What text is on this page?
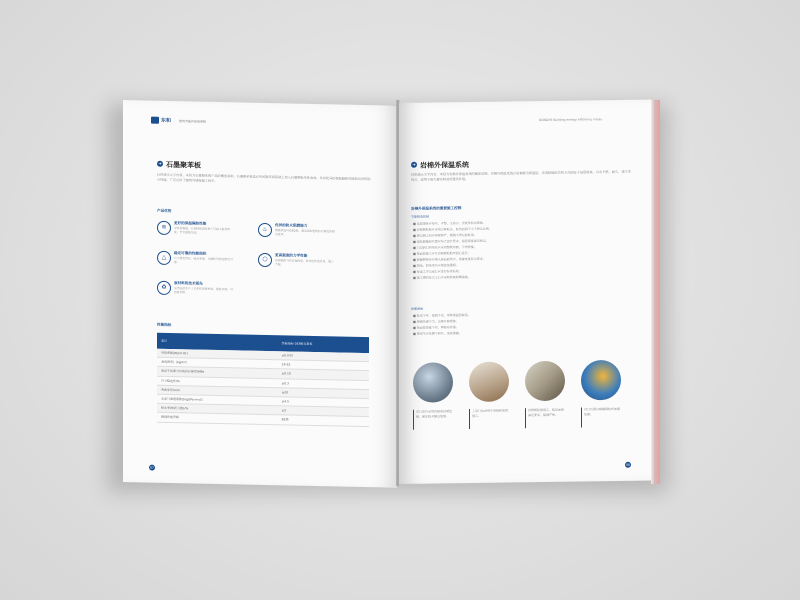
东和	建筑节能外保温系统
➜ 石墨聚苯板
仅供演示文字内容，本段为石墨聚苯板产品的概述说明。石墨聚苯板是在传统聚苯板基础上加入石墨颗粒改性而成，具有优异的保温隔热性能和良好的防火性能，广泛应用于建筑外墙保温工程中。
产品优势
≋
更好的保温隔热性能
导热系数低，在相同保温效果下可减少板材厚度，节省建筑空间。	♨
优异的防火阻燃能力
燃烧性能可达B1级，满足国家建筑防火规范的相关要求。
△
稳定可靠的性能指标
尺寸稳定性好，吸水率低，长期使用性能稳定可靠。	⬡
更高强度的力学性能
压缩强度与抗拉强度高，抗冲击性能优良，施工方便。
♻
原材料的技术领先
采用先进生产工艺和优质原材料，绿色环保，可回收利用。
性能指标
项目	性能指标 033级石墨板
导热系数[W/(m·K)]	≤0.033
表观密度/（kg/m³）	18-22
垂直于板面方向的抗拉强度/MPa	≥0.10
尺寸稳定性/%	≤0.3
弯曲变形/mm	≥20
水蒸气渗透系数/[ng/(Pa·m·s)]	≤4.5
吸水率(体积分数)/%	≤3
燃烧性能等级	B1级
07
DONGHE Building energy efficiency insula
➜ 岩棉外保温系统
仅供演示文字内容，本段为岩棉外保温系统的概述说明。岩棉外保温系统以岩棉板为保温层，采用粘锚结合的方式固定于基层墙体，具有不燃、耐久、透气等优点，适用于防火要求较高的建筑外墙。
岩棉外保温系统的重要施工控制
节能构造控制
■ 基层墙体应坚实、平整，无油污、空鼓及松动现象。
■ 岩棉板粘贴应采用点框粘法，粘结面积不小于规定比例。
■ 板与板之间应挤紧拼严，板缝不得有胶粘剂。
■ 锚栓数量和位置应符合设计要求，锚固深度满足规定。
■ 门窗洞口四角处应采用整板切割，不得拼接。
■ 抹面层施工应在岩棉板粘贴牢固后进行。
■ 耐碱网格布应埋入抹面胶浆中，搭接宽度符合要求。
■ 阳角、阴角部位应增设加强网。
■ 每道工序完成后应进行检查验收。
■ 施工期间及完工后应采取防雨防晒措施。
质量通病
■ 粘结不牢，锚固不足，导致保温层脱落。
■ 板缝处理不当，出现开裂现象。
■ 抹面层厚度不均，网格布外露。
■ 细部节点处理不到位，造成渗漏。
窗口部位采用岩棉条封堵处理，保证防火隔离效果。
上部门边采用专用锚栓加固施工。
岩棉板粘贴施工，粘结面积满足要求，接缝严密。
窗口位置以耐碱网格布加强处理。
08
